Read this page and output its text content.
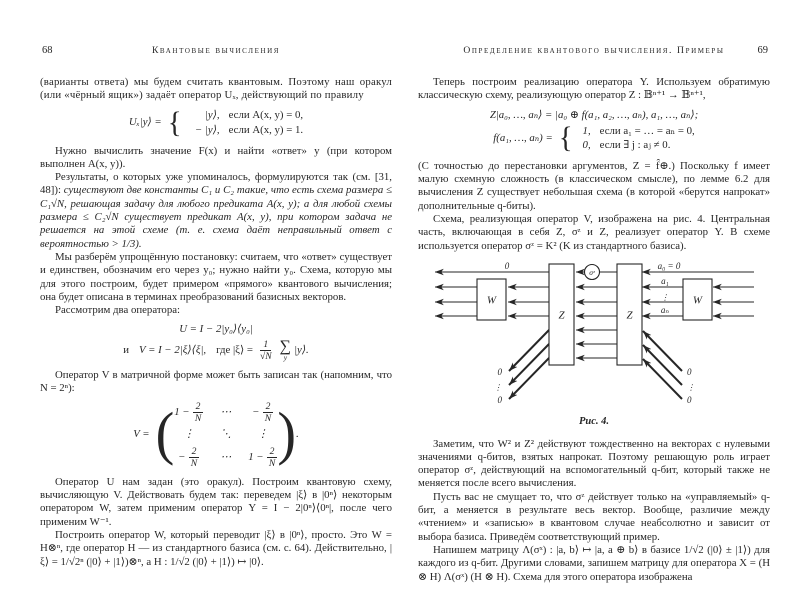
68	Квантовые вычисления

(варианты ответа) мы будем считать квантовым. Поэтому наш оракул (или «чёрный ящик») задаёт оператор Uₓ, действующий по правилу

Uₓ|y⟩ = {	|y⟩, если A(x, y) = 0,
− |y⟩, если A(x, y) = 1.

Нужно вычислить значение F(x) и найти «ответ» y (при котором выполнен A(x, y)).

Результаты, о которых уже упоминалось, формулируются так (см. [31, 48]): существуют две константы C₁ и C₂ такие, что есть схема размера ≤ C₁√N, решающая задачу для любого предиката A(x, y); а для любой схемы размера ≤ C₂√N существует предикат A(x, y), при котором задача не решается на этой схеме (т. е. схема даёт неправильный ответ с вероятностью > 1/3).

Мы разберём упрощённую постановку: считаем, что «ответ» существует и единствен, обозначим его через y₀; нужно найти y₀. Схема, которую мы для этого построим, будет примером «прямого» квантового вычисления; она будет описана в терминах преобразований базисных векторов.

Рассмотрим два оператора:

U = I − 2|y₀⟩⟨y₀|
и V = I − 2|ξ⟩⟨ξ|, где |ξ⟩ = $\frac{1}{√N}$ ∑
y
|y⟩.

Оператор V в матричной форме может быть записан так (напомним, что N = 2ⁿ):

V = ( $1 - \frac{2}{N}$ ⋯ − $\frac{2}{N}$
⋮ ⋱ ⋮
− $\frac{2}{N}$ ⋯ $1 - \frac{2}{N}$ ) .

Оператор U нам задан (это оракул). Построим квантовую схему, вычисляющую V. Действовать будем так: переведем |ξ⟩ в |0ⁿ⟩ некоторым оператором W, затем применим оператор Y = I − 2|0ⁿ⟩⟨0ⁿ|, после чего применим W⁻¹.

Построить оператор W, который переводит |ξ⟩ в |0ⁿ⟩, просто. Это W = H⊗ⁿ, где оператор H — из стандартного базиса (см. с. 64). Действительно, |ξ⟩ = 1/√2ⁿ (|0⟩ + |1⟩)⊗ⁿ, а H : 1/√2 (|0⟩ + |1⟩) ↦ |0⟩.

Определение квантового вычисления. Примеры	69

Теперь построим реализацию оператора Y. Используем обратимую классическую схему, реализующую оператор Z : 𝔹ⁿ⁺¹ → 𝔹ⁿ⁺¹,

Z|a₀, …, aₙ⟩ = |a₀ ⊕ f(a₁, a₂, …, aₙ), a₁, …, aₙ⟩;
f(a₁, …, aₙ) = { 1, если a₁ = … = aₙ = 0,
0, если ∃ j : aⱼ ≠ 0.

(С точностью до перестановки аргументов, Z = f̂⊕.) Поскольку f имеет малую схемную сложность (в классическом смысле), по лемме 6.2 для вычисления Z существует небольшая схема (в которой «берутся напрокат» дополнительные q-биты).

Схема, реализующая оператор V, изображена на рис. 4. Центральная часть, включающая в себя Z, σᶻ и Z, реализует оператор Y. В схеме используется оператор σᶻ = K² (K из стандартного базиса).

W
Z	Z
W
σᶻ
0	a₀ = 0
a₁
⋮
aₙ
0
⋮
0
0
⋮
0
Рис. 4.

Заметим, что W² и Z² действуют тождественно на векторах с нулевыми значениями q-битов, взятых напрокат. Поэтому решающую роль играет оператор σᶻ, действующий на вспомогательный q-бит, который также не меняется после всего вычисления.

Пусть вас не смущает то, что σᶻ действует только на «управляемый» q-бит, а меняется в результате весь вектор. Вообще, различие между «чтением» и «записью» в квантовом случае неабсолютно и зависит от выбора базиса. Приведём соответствующий пример.

Напишем матрицу Λ(σˣ) : |a, b⟩ ↦ |a, a ⊕ b⟩ в базисе 1/√2 (|0⟩ ± |1⟩) для каждого из q-бит. Другими словами, запишем матрицу для оператора X = (H ⊗ H) Λ(σˣ) (H ⊗ H). Схема для этого оператора изображена
